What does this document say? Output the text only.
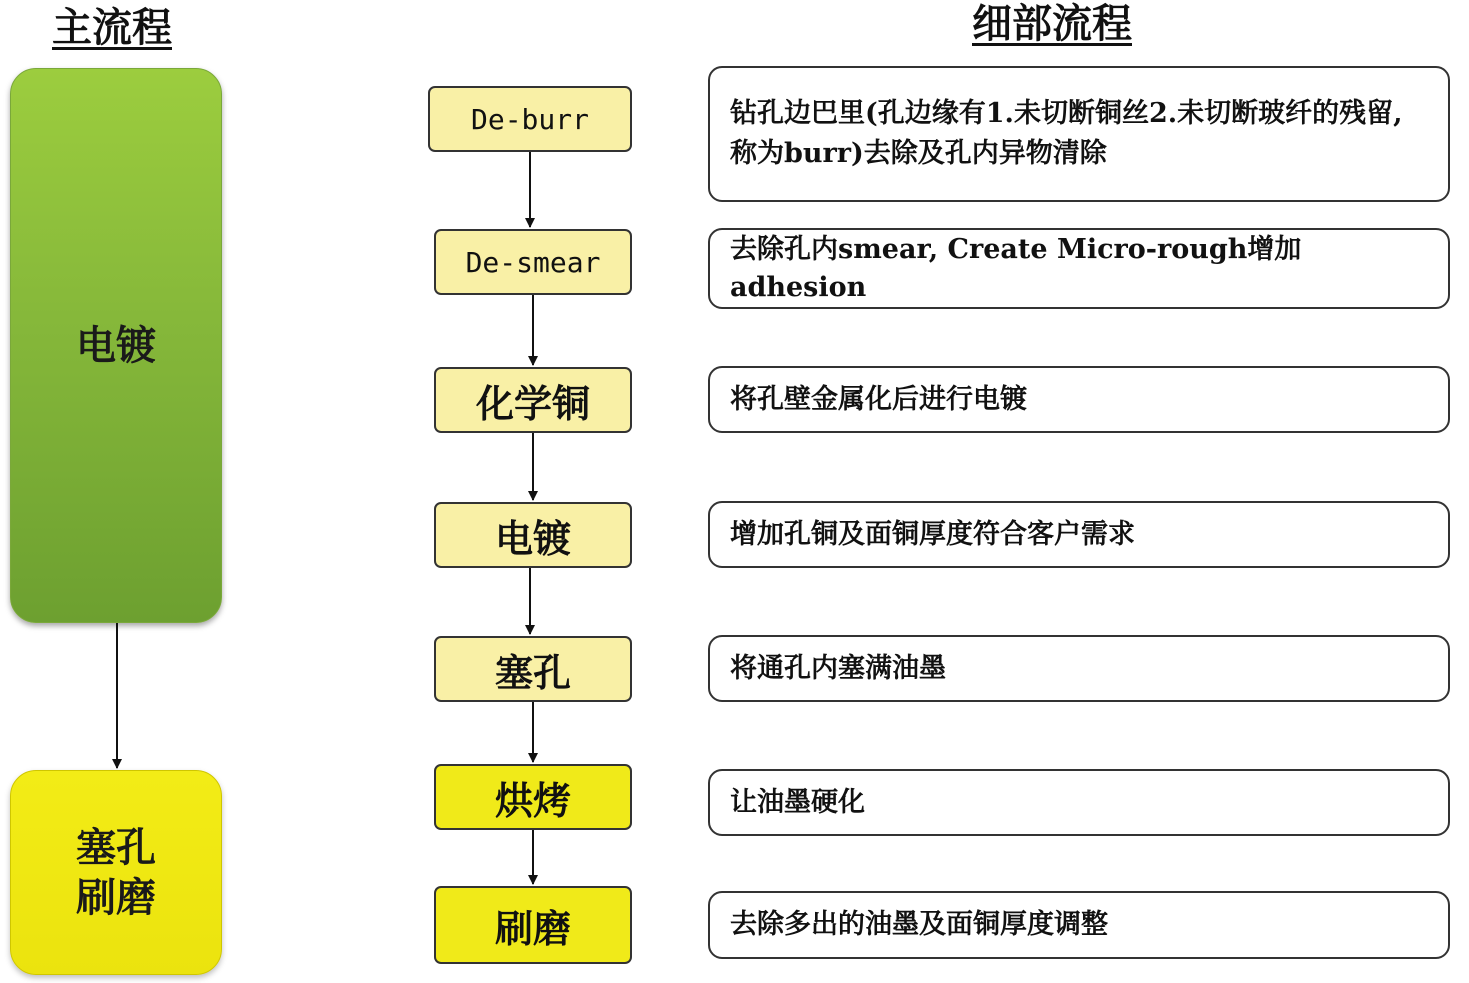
主流程	细部流程
电镀
塞孔
刷磨
De-burr
De-smear
化学铜
电镀
塞孔
烘烤
刷磨
钻孔边巴里(孔边缘有1.未切断铜丝2.未切断玻纤的残留,称为burr)去除及孔内异物清除
去除孔内smear, Create Micro-rough增加adhesion
将孔壁金属化后进行电镀
增加孔铜及面铜厚度符合客户需求
将通孔内塞满油墨
让油墨硬化
去除多出的油墨及面铜厚度调整
